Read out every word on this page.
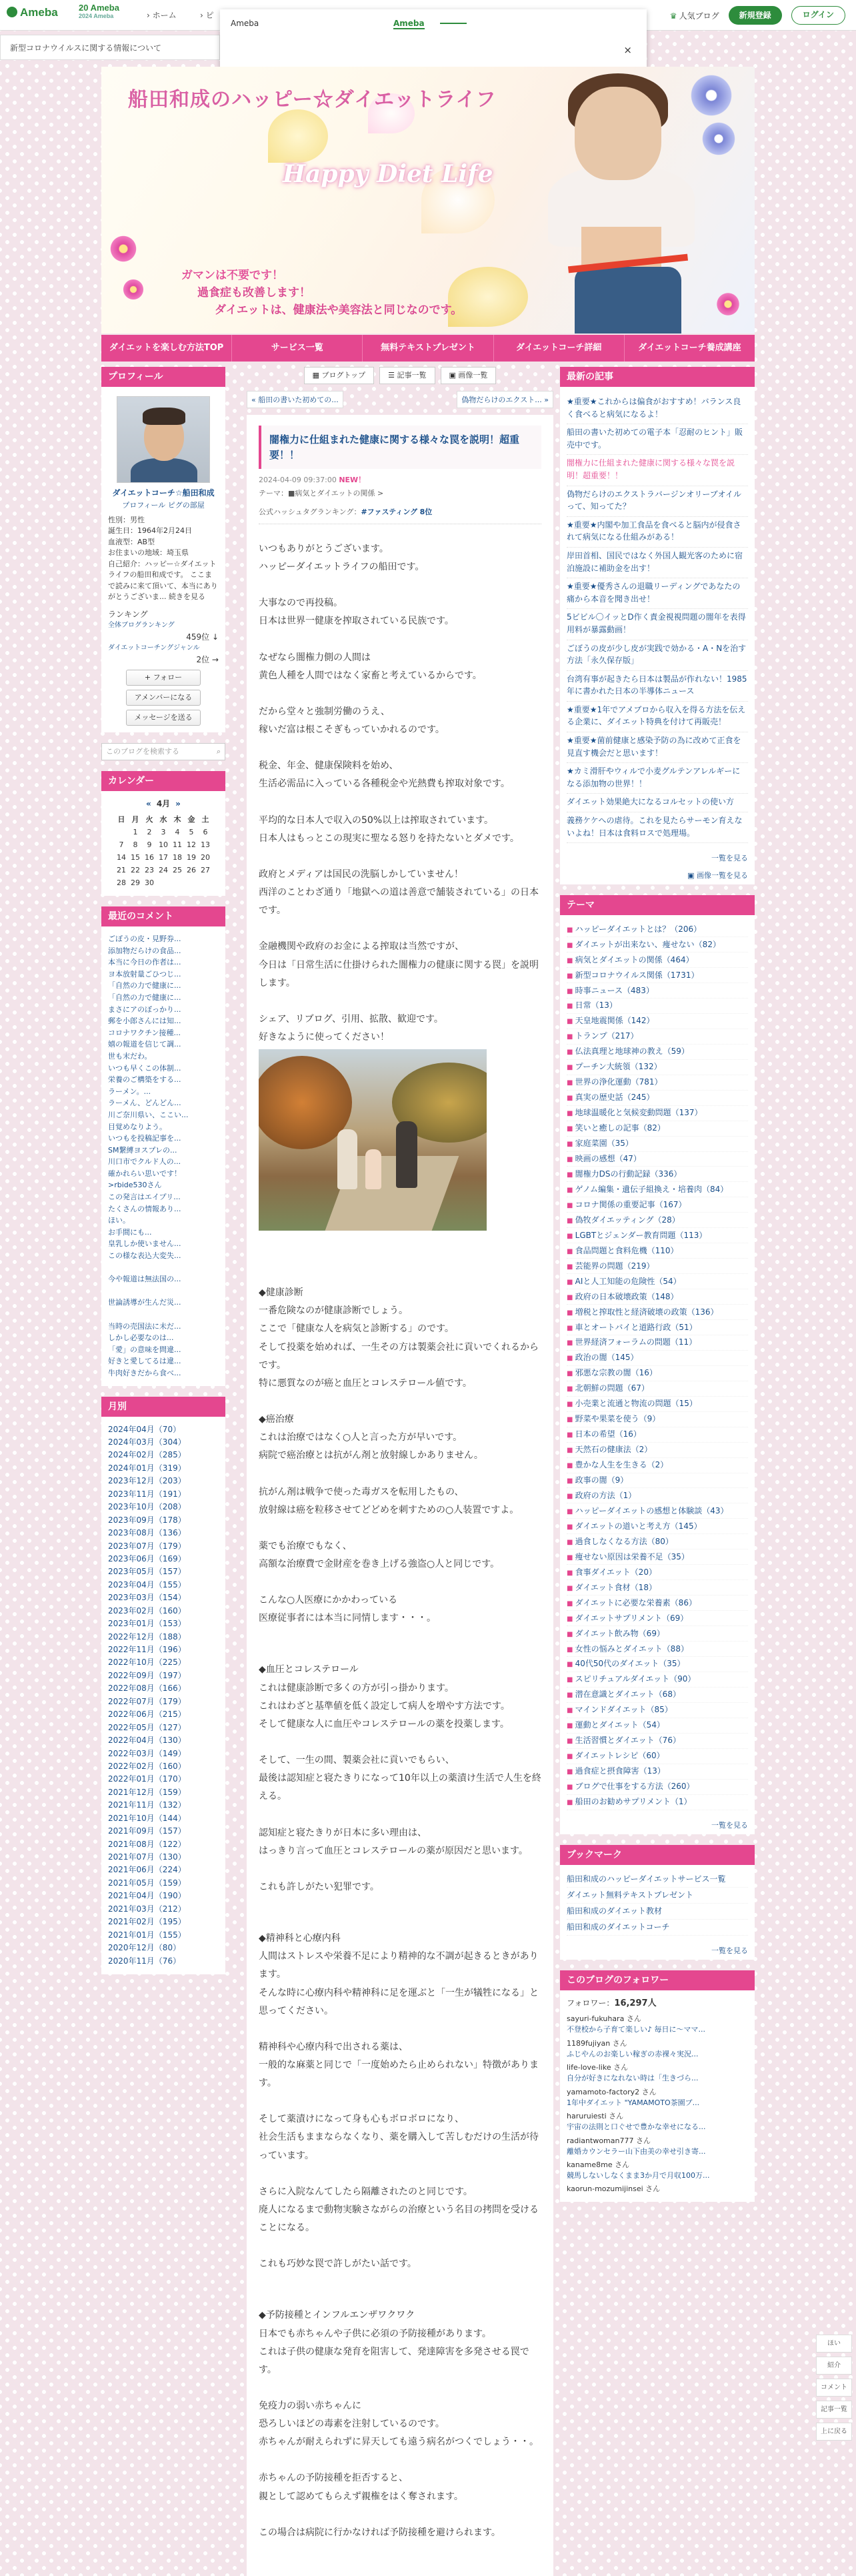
Ameba 20 Ameba
2024 Ameba	› ホーム	› ピ	♛ 人気ブログ	新規登録	ログイン
新型コロナウイルスに関する情報について
Ameba	Ameba
×
船田和成のハッピー☆ダイエットライフ
Happy Diet Life
ガマンは不要です！
過食症も改善します！
ダイエットは、健康法や美容法と同じなのです。
ダイエットを楽しむ方法TOP	サービス一覧	無料テキストプレゼント	ダイエットコーチ詳細	ダイエットコーチ養成講座
プロフィール
ダイエットコーチ☆船田和成
プロフィール ピグの部屋
性別：男性
誕生日：1964年2月24日
血液型：AB型
お住まいの地域：埼玉県
自己紹介：ハッピー☆ダイエットライフの船田和成です。 ここまで読みに来て頂いて、本当にありがとうございま... 続きを見る
ランキング
全体ブログランキング
459位 ↓
ダイエットコーチングジャンル
2位 →
+ フォロー
アメンバーになる
メッセージを送る
このブログを検索する	⌕
カレンダー
« 4月 »
日	月	火	水	木	金	土
	1	2	3	4	5	6
7	8	9	10	11	12	13
14	15	16	17	18	19	20
21	22	23	24	25	26	27
28	29	30				
最近のコメント
ごぼうの皮・見野券...
添加物だらけの食品...
本当に今日の作者は...
ヨ本放射量ごひつじ...
「自然の力で健康に...
「自然の力で健康に...
まさにアのぼっかり...
郵を小郎さんには知...
コロナワクチン接種...
嬉の報道を信じて調...
世も末だわ。
いつも早くこの体制...
栄養のご構築をする...
ラーメン。...
ラーメん、どんどん...
川ご奈川県い、ここい...
目覚めなりよう。
いつもを投稿記事を...
SM繋縛ヨスプレの...
川口市でクルド人の...
確かれらい思いです！
>rbide530さん
この発言はエイプリ...
たくさんの情報あり...
ほい。
お手間にも...
皇乳しか使いません...
この様な表込大変失...
今や報道は無法国の...
世論誘導が生んだ災...
当時の売国法に未だ...
しかし必要なのは...
「愛」の意味を問違...
好きと愛してるは違...
牛肉好きだから食べ...
月別
2024年04月（70）
2024年03月（304）
2024年02月（285）
2024年01月（319）
2023年12月（203）
2023年11月（191）
2023年10月（208）
2023年09月（178）
2023年08月（136）
2023年07月（179）
2023年06月（169）
2023年05月（157）
2023年04月（155）
2023年03月（154）
2023年02月（160）
2023年01月（153）
2022年12月（188）
2022年11月（196）
2022年10月（225）
2022年09月（197）
2022年08月（166）
2022年07月（179）
2022年06月（215）
2022年05月（127）
2022年04月（130）
2022年03月（149）
2022年02月（160）
2022年01月（170）
2021年12月（159）
2021年11月（132）
2021年10月（144）
2021年09月（157）
2021年08月（122）
2021年07月（130）
2021年06月（224）
2021年05月（159）
2021年04月（190）
2021年03月（212）
2021年02月（195）
2021年01月（155）
2020年12月（80）
2020年11月（76）
▦ ブログトップ	☰ 記事一覧	▣ 画像一覧
« 船田の書いた初めての...	偽物だらけのエクスト... »
闇権力に仕組まれた健康に関する様々な罠を説明！超重要！！
2024-04-09 09:37:00 NEW！
テーマ：■病気とダイエットの関係 >
公式ハッシュタグランキング：#ファスティング 8位

いつもありがとうございます。
ハッピーダイエットライフの船田です。

大事なので再投稿。
日本は世界一健康を搾取されている民族です。

なぜなら闇権力側の人間は
黄色人種を人間ではなく家畜と考えているからです。

だから堂々と強制労働のうえ、
稼いだ富は根こそぎもっていかれるのです。

税金、年金、健康保険料を始め、
生活必需品に入っている各種税金や光熱費も搾取対象です。

平均的な日本人で収入の50%以上は搾取されています。
日本人はもっとこの現実に聖なる怒りを持たないとダメです。

政府とメディアは国民の洗脳しかしていません！
西洋のことわざ通り「地獄への道は善意で舗装されている」の日本です。

金融機関や政府のお金による搾取は当然ですが、
今日は「日常生活に仕掛けられた闇権力の健康に関する罠」を説明します。

シェア、リブログ、引用、拡散、歓迎です。
好きなように使ってください！

◆健康診断
一番危険なのが健康診断でしょう。
ここで「健康な人を病気と診断する」のです。
そして投薬を始めれば、一生その方は製薬会社に貢いでくれるからです。
特に悪質なのが癌と血圧とコレステロール値です。

◆癌治療
これは治療ではなく○人と言った方が早いです。
病院で癌治療とは抗がん剤と放射線しかありません。

抗がん剤は戦争で使った毒ガスを転用したもの、
放射線は癌を粒移させてどどめを刺すための○人装置ですよ。

薬でも治療でもなく、
高額な治療費で金財産を巻き上げる強盗○人と同じです。

こんな○人医療にかかわっている
医療従事者には本当に同情します・・・。

◆血圧とコレステロール
これは健康診断で多くの方が引っ掛かります。
これはわざと基準値を低く設定して病人を増やす方法です。
そして健康な人に血圧やコレステロールの薬を投薬します。

そして、一生の間、製薬会社に貢いでもらい、
最後は認知症と寝たきりになって10年以上の薬漬け生活で人生を終える。

認知症と寝たきりが日本に多い理由は、
はっきり言って血圧とコレステロールの薬が原因だと思います。

これも許しがたい犯罪です。

◆精神科と心療内科
人間はストレスや栄養不足により精神的な不調が起きるときがあります。
そんな時に心療内科や精神科に足を運ぶと「一生が犠牲になる」と思ってください。

精神科や心療内科で出される薬は、
一般的な麻薬と同じで「一度始めたら止められない」特徴があります。

そして薬漬けになって身も心もボロボロになり、
社会生活もままならなくなり、薬を購入して苦しむだけの生活が待っています。

さらに入院なんてしたら隔離されたのと同じです。
廃人になるまで動物実験さながらの治療という名目の拷問を受けることになる。

これも巧妙な罠で許しがたい話です。

◆予防接種とインフルエンザワクワク
日本でも赤ちゃんや子供に必須の予防接種があります。
これは子供の健康な発育を阻害して、発達障害を多発させる罠です。

免疫力の弱い赤ちゃんに
恐ろしいほどの毒素を注射しているのです。
赤ちゃんが耐えられずに昇天しても遠う病名がつくでしょう・・。

赤ちゃんの予防接種を拒否すると、
親として認めてもらえず親権をはく奪されます。

この場合は病院に行かなければ予防接種を避けられます。

最新の記事
★重要★これからは偏食がおすすめ！バランス良く食べると病気になるよ！
船田の書いた初めての電子本「忍耐のヒント」販売中です。
闇権力に仕組まれた健康に関する様々な罠を説明！超重要！！
偽物だらけのエクストラバージンオリーブオイルって、知ってた？
★重要★内閣や加工食品を食べると脳内が侵食されて病気になる仕組みがある！
岸田首相、国民ではなく外国人観光客のために宿泊施設に補助金を出す！
★重要★優秀さんの退職リーディングであなたの痛から本音を聞き出せ！
5ビビル〇イッとD作く責金視視問題の闇年を表得用料が暴露動画！
ごぼうの皮が少し皮が実践で効かる・A・Nを治す方法「永久保存版」
台湾有事が起きたら日本は製品が作れない！1985年に書かれた日本の半導体ニュース
★重要★1年でアメブロから収入を得る方法を伝える企業に、ダイエット特典を付けて再販売！
★重要★菌前健康と感染予防の為に改めて正食を見直す機会だと思います！
★カミ滑肝やウィルで小麦グルテンアレルギーになる添加物の世界！！
ダイエット効果絶大になるコルセットの使い方
義務ケケへの虐待。これを見たらサーモン育えないよね！日本は食料ロスで処理場。
一覧を見る
▣ 画像一覧を見る
テーマ
■ ハッピーダイエットとは？（206）
■ ダイエットが出来ない、痩せない（82）
■ 病気とダイエットの関係（464）
■ 新型コロナウイルス関係（1731）
■ 時事ニュース（483）
■ 日常（13）
■ 天皇地震関係（142）
■ トランプ（217）
■ 仏法真理と地球神の教え（59）
■ プーチン大統領（132）
■ 世界の浄化運動（781）
■ 真実の歴史話（245）
■ 地球温暖化と気候変動問題（137）
■ 笑いと癒しの記事（82）
■ 家庭菜園（35）
■ 映画の感想（47）
■ 闇権力DSの行動記録（336）
■ ゲノム編集・遺伝子組換え・培養肉（84）
■ コロナ関係の重要記事（167）
■ 偽牧ダイエッティング（28）
■ LGBTとジェンダー教育問題（113）
■ 食品問題と食料危機（110）
■ 芸能界の問題（219）
■ AIと人工知能の危険性（54）
■ 政府の日本破壊政策（148）
■ 増税と搾取性と経済破壊の政策（136）
■ 車とオートバイと道路行政（51）
■ 世界経済フォーラムの問題（11）
■ 政治の闇（145）
■ 邪悪な宗教の闇（16）
■ 北朝鮮の問題（67）
■ 小売業と流通と物流の問題（15）
■ 野菜や果菜を使う（9）
■ 日本の希望（16）
■ 天然石の健康法（2）
■ 豊かな人生を生きる（2）
■ 政事の闇（9）
■ 政府の方法（1）
■ ハッピーダイエットの感想と体験談（43）
■ ダイエットの道いと考え方（145）
■ 過食しなくなる方法（80）
■ 痩せない原因は栄養不足（35）
■ 食事ダイエット（20）
■ ダイエット食材（18）
■ ダイエットに必要な栄養素（86）
■ ダイエットサプリメント（69）
■ ダイエット飲み物（69）
■ 女性の悩みとダイエット（88）
■ 40代50代のダイエット（35）
■ スピリチュアルダイエット（90）
■ 潜在意識とダイエット（68）
■ マインドダイエット（85）
■ 運動とダイエット（54）
■ 生活習慣とダイエット（76）
■ ダイエットレシピ（60）
■ 過食症と摂食障害（13）
■ ブログで仕事をする方法（260）
■ 船田のお勧めサプリメント（1）
一覧を見る
ブックマーク
船田和成のハッピーダイエットサービス一覧
ダイエット無料テキストプレゼント
船田和成のダイエット教材
船田和成のダイエットコーチ
一覧を見る
このブログのフォロワー
フォロワー：16,297人
sayuri-fukuhara さん
不登校から子育て楽しい♪ 毎日に〜ママ...
1189fujiyan さん
ふじやんのお楽しい稼ぎの赤裸々実況...
life-love-like さん
自分が好きになれない時は「生きづら...
yamamoto-factory2 さん
1年中ダイエット "YAMAMOTO茶園ブ...
haruruiesti さん
宇宙の法則と口ぐせで豊かな幸せになる...
radiantwoman777 さん
離婚カウンセラー山下由美の幸せ引き寄...
kaname8me さん
競馬しないしなくまま3か月で月収100万...
kaorun-mozumijinsei さん
ほい
紹介
コメント
記事一覧
上に戻る
